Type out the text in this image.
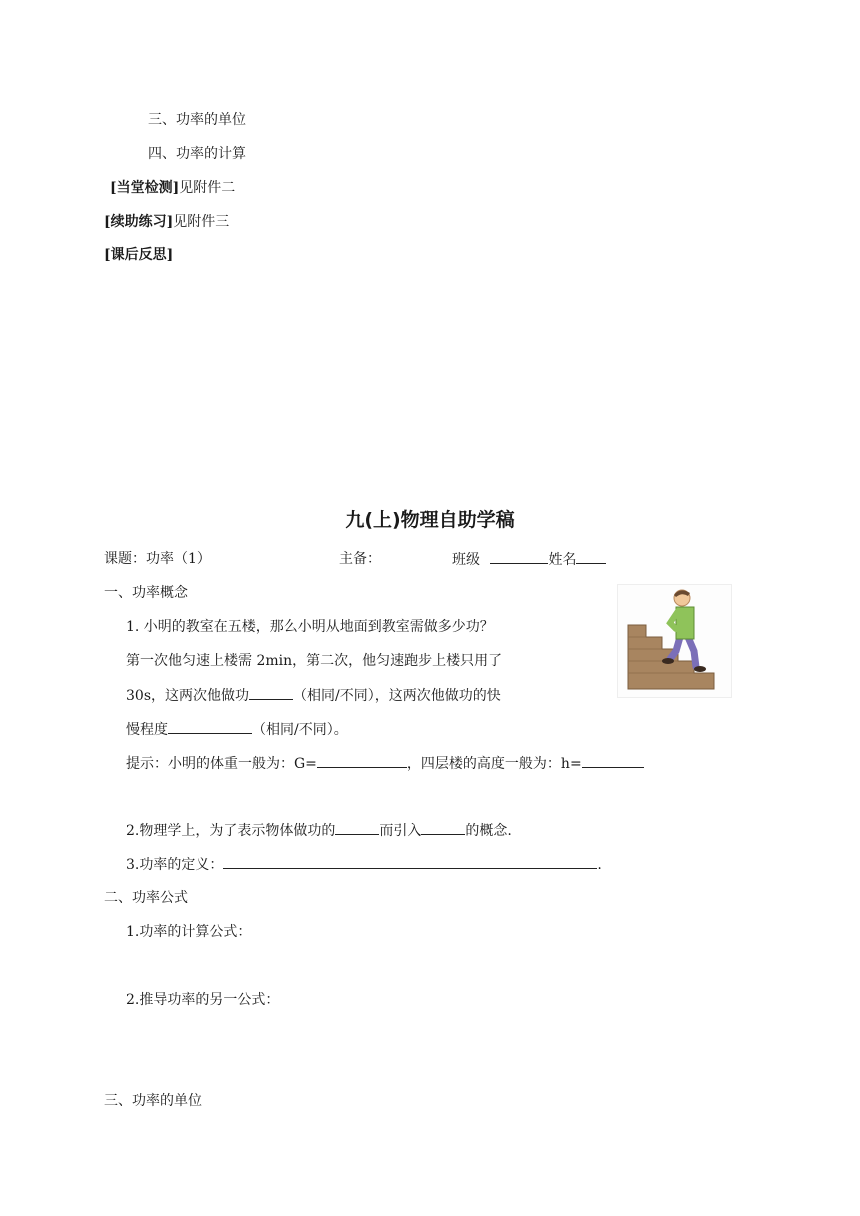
三、功率的单位
四、功率的计算
[当堂检测]见附件二
[续助练习]见附件三
[课后反思]
九(上)物理自助学稿
课题：功率（1）	主备：	班级	姓名
一、功率概念
1. 小明的教室在五楼，那么小明从地面到教室需做多少功？
第一次他匀速上楼需 2min，第二次，他匀速跑步上楼只用了
30s，这两次他做功	（相同/不同），这两次他做功的快
慢程度	（相同/不同）。
提示：小明的体重一般为：G=	，四层楼的高度一般为：h=
2.物理学上，为了表示物体做功的	而引入	的概念.
3.功率的定义：	.
二、功率公式
1.功率的计算公式：
2.推导功率的另一公式：
三、功率的单位
